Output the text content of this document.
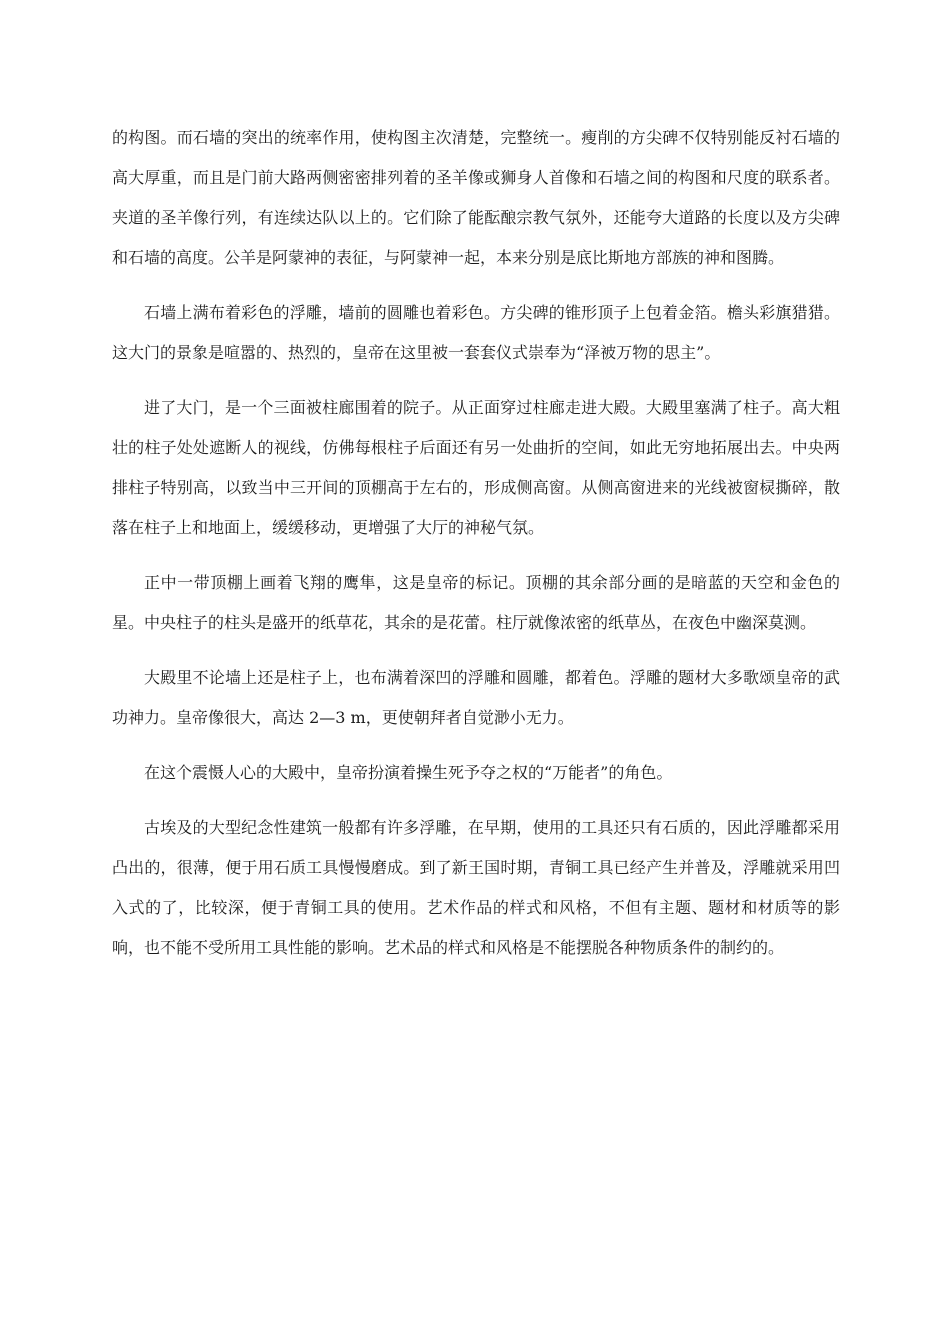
的构图。而石墙的突出的统率作用，使构图主次清楚，完整统一。瘦削的方尖碑不仅特别能反衬石墙的高大厚重，而且是门前大路两侧密密排列着的圣羊像或狮身人首像和石墙之间的构图和尺度的联系者。夹道的圣羊像行列，有连续达队以上的。它们除了能酝酿宗教气氛外，还能夸大道路的长度以及方尖碑和石墙的高度。公羊是阿蒙神的表征，与阿蒙神一起，本来分别是底比斯地方部族的神和图腾。

石墙上满布着彩色的浮雕，墙前的圆雕也着彩色。方尖碑的锥形顶子上包着金箔。檐头彩旗猎猎。这大门的景象是喧嚣的、热烈的，皇帝在这里被一套套仪式崇奉为“泽被万物的思主”。

进了大门，是一个三面被柱廊围着的院子。从正面穿过柱廊走进大殿。大殿里塞满了柱子。高大粗壮的柱子处处遮断人的视线，仿佛每根柱子后面还有另一处曲折的空间，如此无穷地拓展出去。中央两排柱子特别高，以致当中三开间的顶棚高于左右的，形成侧高窗。从侧高窗进来的光线被窗棂撕碎，散落在柱子上和地面上，缓缓移动，更增强了大厅的神秘气氛。

正中一带顶棚上画着飞翔的鹰隼，这是皇帝的标记。顶棚的其余部分画的是暗蓝的天空和金色的星。中央柱子的柱头是盛开的纸草花，其余的是花蕾。柱厅就像浓密的纸草丛，在夜色中幽深莫测。

大殿里不论墙上还是柱子上，也布满着深凹的浮雕和圆雕，都着色。浮雕的题材大多歌颂皇帝的武功神力。皇帝像很大，高达 2—3 m，更使朝拜者自觉渺小无力。

在这个震慑人心的大殿中，皇帝扮演着操生死予夺之权的“万能者”的角色。

古埃及的大型纪念性建筑一般都有许多浮雕，在早期，使用的工具还只有石质的，因此浮雕都采用凸出的，很薄，便于用石质工具慢慢磨成。到了新王国时期，青铜工具已经产生并普及，浮雕就采用凹入式的了，比较深，便于青铜工具的使用。艺术作品的样式和风格，不但有主题、题材和材质等的影响，也不能不受所用工具性能的影响。艺术品的样式和风格是不能摆脱各种物质条件的制约的。
